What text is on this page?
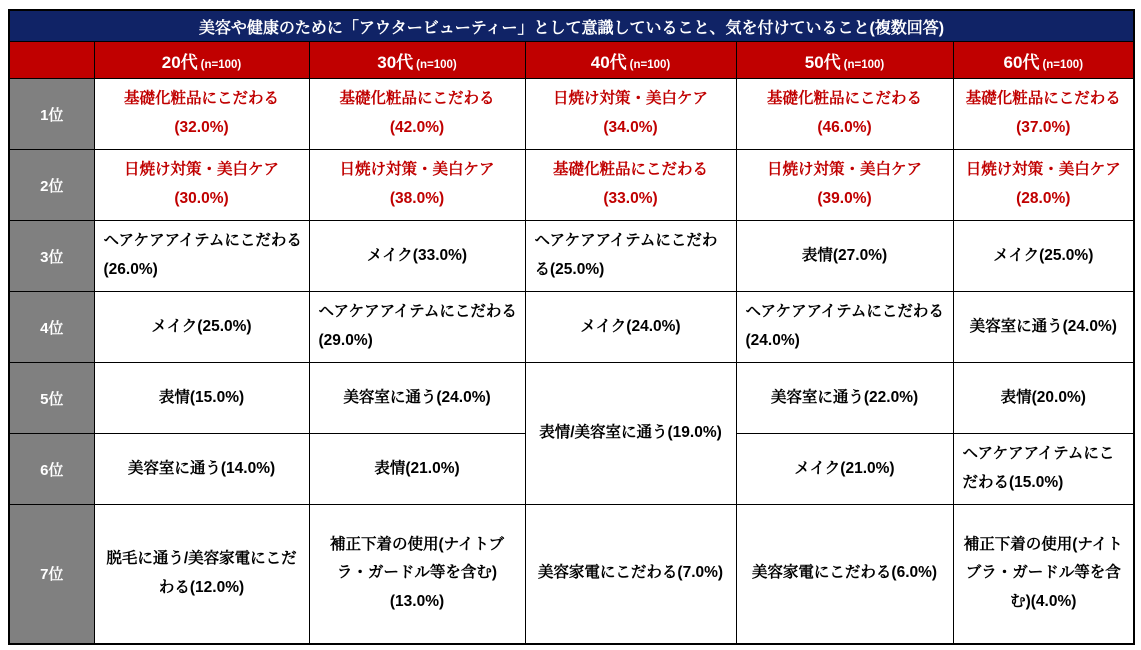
美容や健康のために「アウタービューティー」として意識していること、気を付けていること(複数回答)					
	20代 (n=100)	30代 (n=100)	40代 (n=100)	50代 (n=100)	60代 (n=100)
1位	基礎化粧品にこだわる(32.0%)	基礎化粧品にこだわる(42.0%)	日焼け対策・美白ケア(34.0%)	基礎化粧品にこだわる(46.0%)	基礎化粧品にこだわる(37.0%)
2位	日焼け対策・美白ケア(30.0%)	日焼け対策・美白ケア(38.0%)	基礎化粧品にこだわる(33.0%)	日焼け対策・美白ケア(39.0%)	日焼け対策・美白ケア(28.0%)
3位	ヘアケアアイテムにこだわる(26.0%)	メイク(33.0%)	ヘアケアアイテムにこだわる(25.0%)	表情(27.0%)	メイク(25.0%)
4位	メイク(25.0%)	ヘアケアアイテムにこだわる(29.0%)	メイク(24.0%)	ヘアケアアイテムにこだわる(24.0%)	美容室に通う(24.0%)
5位	表情(15.0%)	美容室に通う(24.0%)	表情/美容室に通う(19.0%)	美容室に通う(22.0%)	表情(20.0%)
6位	美容室に通う(14.0%)	表情(21.0%)		メイク(21.0%)	ヘアケアアイテムにこだわる(15.0%)
7位	脱毛に通う/美容家電にこだわる(12.0%)	補正下着の使用(ナイトブラ・ガードル等を含む)(13.0%)	美容家電にこだわる(7.0%)	美容家電にこだわる(6.0%)	補正下着の使用(ナイトブラ・ガードル等を含む)(4.0%)
